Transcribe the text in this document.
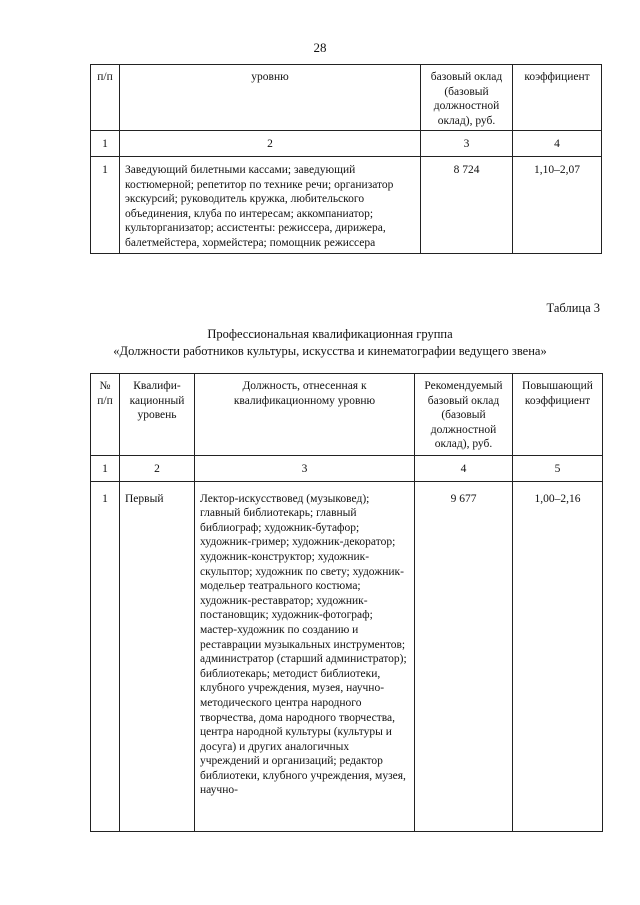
28
п/п	уровню	базовый оклад (базовый должностной оклад), руб.	коэффициент
1	2	3	4
1	Заведующий билетными кассами; заведующий костюмерной; репетитор по технике речи; организатор экскурсий; руководитель кружка, любительского объединения, клуба по интересам; аккомпаниатор; культорганизатор; ассистенты: режиссера, дирижера, балетмейстера, хормейстера; помощник режиссера	8 724	1,10–2,07
Таблица 3
Профессиональная квалификационная группа
«Должности работников культуры, искусства и кинематографии ведущего звена»
№ п/п	Квалифи- кационный уровень	Должность, отнесенная к квалификационному уровню	Рекомендуемый базовый оклад (базовый должностной оклад), руб.	Повышающий коэффициент
1	2	3	4	5
1	Первый	Лектор-искусствовед (музыковед); главный библиотекарь; главный библиограф; художник-бутафор; художник-гример; художник-декоратор; художник-конструктор; художник-скульптор; художник по свету; художник-модельер театрального костюма; художник-реставратор; художник-постановщик; художник-фотограф; мастер-художник по созданию и реставрации музыкальных инструментов; администратор (старший администратор); библиотекарь; методист библиотеки, клубного учреждения, музея, научно-методического центра народного творчества, дома народного творчества, центра народной культуры (культуры и досуга) и других аналогичных учреждений и организаций; редактор библиотеки, клубного учреждения, музея, научно-	9 677	1,00–2,16
